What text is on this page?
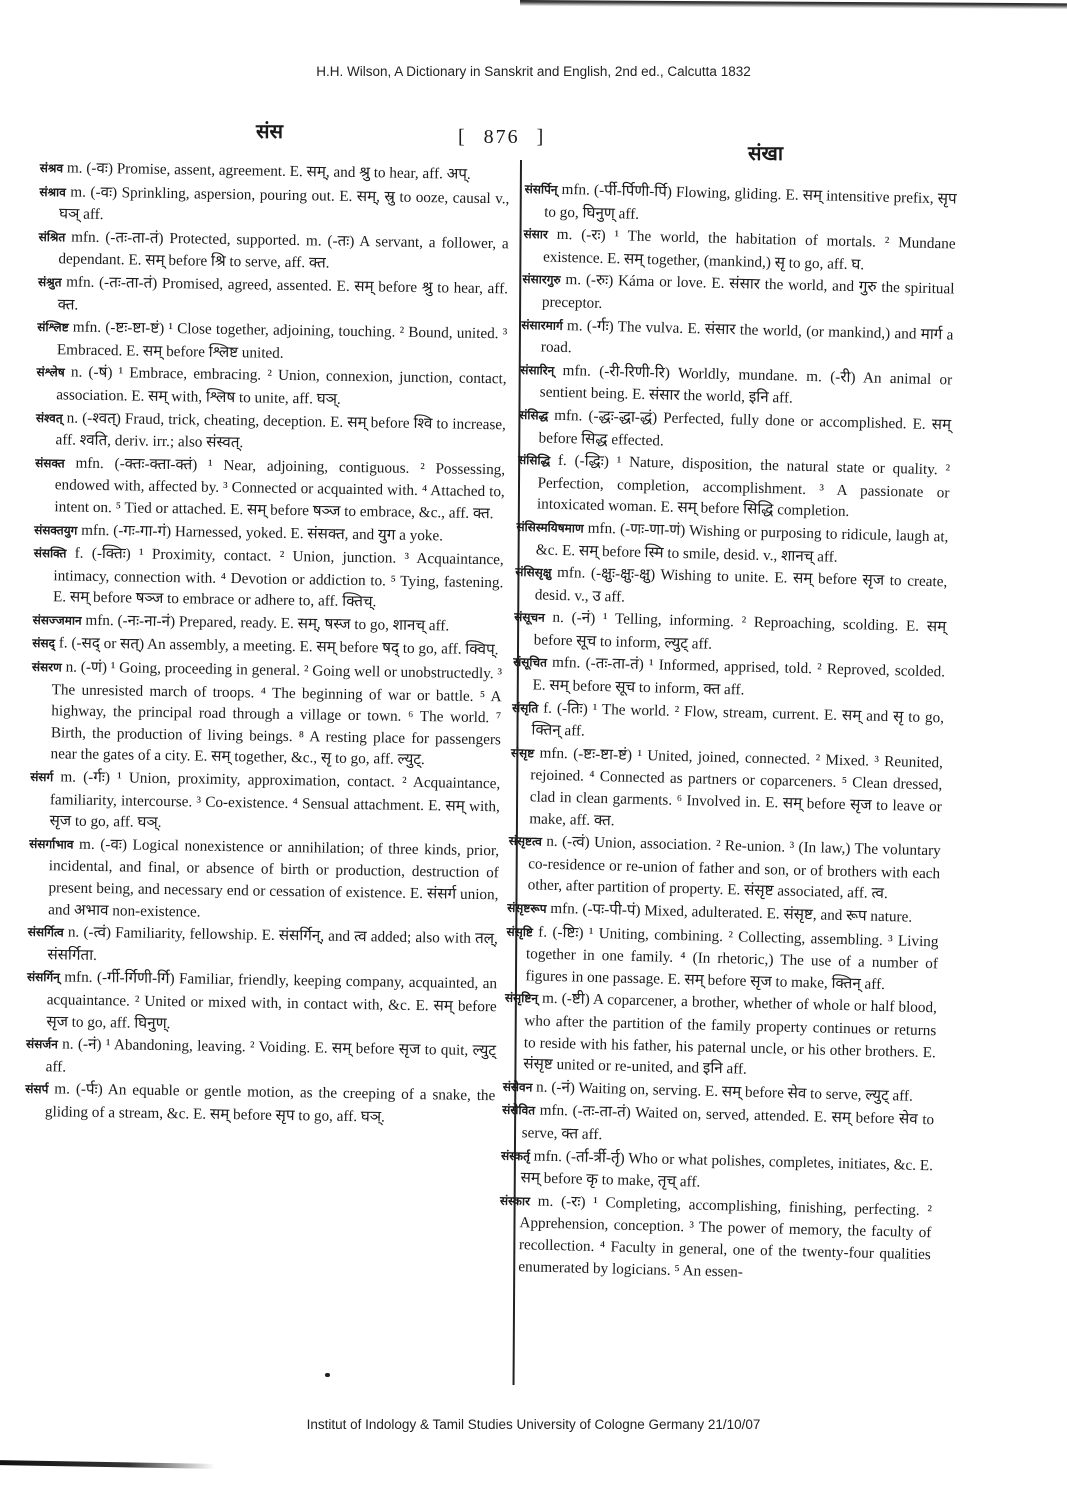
H.H. Wilson, A Dictionary in Sanskrit and English, 2nd ed., Calcutta 1832
संस	[ 876 ]
संखा

संश्रव m. (-वः) Promise, assent, agreement. E. सम्, and श्रु to hear, aff. अप्.

संश्राव m. (-वः) Sprinkling, aspersion, pouring out. E. सम्, स्रु to ooze, causal v., घञ् aff.

संश्रित mfn. (-तः-ता-तं) Protected, supported. m. (-तः) A servant, a follower, a dependant. E. सम् before श्रि to serve, aff. क्त.

संश्रुत mfn. (-तः-ता-तं) Promised, agreed, assented. E. सम् before श्रु to hear, aff. क्त.

संश्लिष्ट mfn. (-ष्टः-ष्टा-ष्टं) ¹ Close together, adjoining, touching. ² Bound, united. ³ Embraced. E. सम् before श्लिष्ट united.

संश्लेष n. (-षं) ¹ Embrace, embracing. ² Union, connexion, junction, contact, association. E. सम् with, श्लिष to unite, aff. घञ्.

संश्वत् n. (-श्वत्) Fraud, trick, cheating, deception. E. सम् before श्वि to increase, aff. श्वति, deriv. irr.; also संस्वत्.

संसक्त mfn. (-क्तः-क्ता-क्तं) ¹ Near, adjoining, contiguous. ² Possessing, endowed with, affected by. ³ Connected or acquainted with. ⁴ Attached to, intent on. ⁵ Tied or attached. E. सम् before षञ्ज to embrace, &c., aff. क्त.

संसक्तयुग mfn. (-गः-गा-गं) Harnessed, yoked. E. संसक्त, and युग a yoke.

संसक्ति f. (-क्तिः) ¹ Proximity, contact. ² Union, junction. ³ Acquaintance, intimacy, connection with. ⁴ Devotion or addiction to. ⁵ Tying, fastening. E. सम् before षञ्ज to embrace or adhere to, aff. क्तिच्.

संसज्जमान mfn. (-नः-ना-नं) Prepared, ready. E. सम्, षस्ज to go, शानच् aff.

संसद् f. (-सद् or सत्) An assembly, a meeting. E. सम् before षद् to go, aff. क्विप्.

संसरण n. (-णं) ¹ Going, proceeding in general. ² Going well or unobstructedly. ³ The unresisted march of troops. ⁴ The beginning of war or battle. ⁵ A highway, the principal road through a village or town. ⁶ The world. ⁷ Birth, the production of living beings. ⁸ A resting place for passengers near the gates of a city. E. सम् together, &c., सृ to go, aff. ल्युट्.

संसर्ग m. (-र्गः) ¹ Union, proximity, approximation, contact. ² Acquaintance, familiarity, intercourse. ³ Co-existence. ⁴ Sensual attachment. E. सम् with, सृज to go, aff. घञ्.

संसर्गाभाव m. (-वः) Logical nonexistence or annihilation; of three kinds, prior, incidental, and final, or absence of birth or production, destruction of present being, and necessary end or cessation of existence. E. संसर्ग union, and अभाव non-existence.

संसर्गित्व n. (-त्वं) Familiarity, fellowship. E. संसर्गिन्, and त्व added; also with तल्, संसर्गिता.

संसर्गिन् mfn. (-र्गी-र्गिणी-र्गि) Familiar, friendly, keeping company, acquainted, an acquaintance. ² United or mixed with, in contact with, &c. E. सम् before सृज to go, aff. घिनुण्.

संसर्जन n. (-नं) ¹ Abandoning, leaving. ² Voiding. E. सम् before सृज to quit, ल्युट् aff.

संसर्प m. (-र्पः) An equable or gentle motion, as the creeping of a snake, the gliding of a stream, &c. E. सम् before सृप to go, aff. घञ्.

संसर्पिन् mfn. (-र्पी-र्पिणी-र्पि) Flowing, gliding. E. सम् intensitive prefix, सृप to go, घिनुण् aff.

संसार m. (-रः) ¹ The world, the habitation of mortals. ² Mundane existence. E. सम् together, (mankind,) सृ to go, aff. घ.

संसारगुरु m. (-रुः) Káma or love. E. संसार the world, and गुरु the spiritual preceptor.

संसारमार्ग m. (-र्गः) The vulva. E. संसार the world, (or mankind,) and मार्ग a road.

संसारिन् mfn. (-री-रिणी-रि) Worldly, mundane. m. (-री) An animal or sentient being. E. संसार the world, इनि aff.

संसिद्ध mfn. (-द्धः-द्धा-द्धं) Perfected, fully done or accomplished. E. सम् before सिद्ध effected.

संसिद्धि f. (-द्धिः) ¹ Nature, disposition, the natural state or quality. ² Perfection, completion, accomplishment. ³ A passionate or intoxicated woman. E. सम् before सिद्धि completion.

संसिस्मयिषमाण mfn. (-णः-णा-णं) Wishing or purposing to ridicule, laugh at, &c. E. सम् before स्मि to smile, desid. v., शानच् aff.

संसिसृक्षु mfn. (-क्षुः-क्षुः-क्षु) Wishing to unite. E. सम् before सृज to create, desid. v., उ aff.

संसूचन n. (-नं) ¹ Telling, informing. ² Reproaching, scolding. E. सम् before सूच to inform, ल्युट् aff.

संसूचित mfn. (-तः-ता-तं) ¹ Informed, apprised, told. ² Reproved, scolded. E. सम् before सूच to inform, क्त aff.

संसृति f. (-तिः) ¹ The world. ² Flow, stream, current. E. सम् and सृ to go, क्तिन् aff.

संसृष्ट mfn. (-ष्टः-ष्टा-ष्टं) ¹ United, joined, connected. ² Mixed. ³ Reunited, rejoined. ⁴ Connected as partners or coparceners. ⁵ Clean dressed, clad in clean garments. ⁶ Involved in. E. सम् before सृज to leave or make, aff. क्त.

संसृष्टत्व n. (-त्वं) Union, association. ² Re-union. ³ (In law,) The voluntary co-residence or re-union of father and son, or of brothers with each other, after partition of property. E. संसृष्ट associated, aff. त्व.

संसृष्टरूप mfn. (-पः-पी-पं) Mixed, adulterated. E. संसृष्ट, and रूप nature.

संसृष्टि f. (-ष्टिः) ¹ Uniting, combining. ² Collecting, assembling. ³ Living together in one family. ⁴ (In rhetoric,) The use of a number of figures in one passage. E. सम् before सृज to make, क्तिन् aff.

संसृष्टिन् m. (-ष्टी) A coparcener, a brother, whether of whole or half blood, who after the partition of the family property continues or returns to reside with his father, his paternal uncle, or his other brothers. E. संसृष्ट united or re-united, and इनि aff.

संसेवन n. (-नं) Waiting on, serving. E. सम् before सेव to serve, ल्युट् aff.

संसेवित mfn. (-तः-ता-तं) Waited on, served, attended. E. सम् before सेव to serve, क्त aff.

संस्कर्तृ mfn. (-र्ता-र्त्री-र्तृ) Who or what polishes, completes, initiates, &c. E. सम् before कृ to make, तृच् aff.

संस्कार m. (-रः) ¹ Completing, accomplishing, finishing, perfecting. ² Apprehension, conception. ³ The power of memory, the faculty of recollection. ⁴ Faculty in general, one of the twenty-four qualities enumerated by logicians. ⁵ An essen-

Institut of Indology & Tamil Studies University of Cologne Germany 21/10/07
